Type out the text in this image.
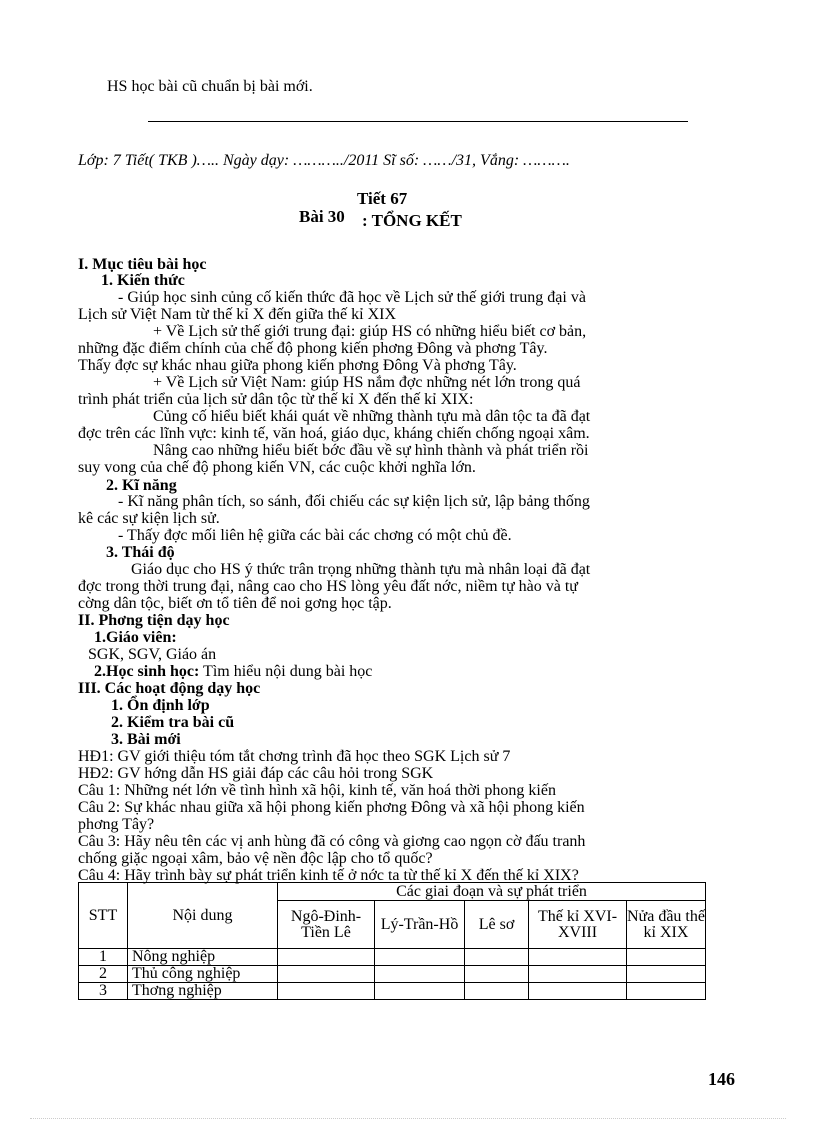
HS học bài cũ chuẩn bị bài mới.
Lớp: 7 Tiết( TKB )….. Ngày dạy: ………../2011 Sĩ số: ……/31, Vắng: ……….
Tiết 67
Bài 30 : TỔNG KẾT
I. Mục tiêu bài học
1. Kiến thức
- Giúp học sinh củng cố kiến thức đã học về Lịch sử thế giới trung đại và
Lịch sử Việt Nam từ thế kỉ X đến giữa thế kỉ XIX
+ Về Lịch sử thế giới trung đại: giúp HS có những hiểu biết cơ bản,
những đặc điểm chính của chế độ phong kiến phơng Đông và phơng Tây.
Thấy đợc sự khác nhau giữa phong kiến phơng Đông Và phơng Tây.
+ Về Lịch sử Việt Nam: giúp HS nắm đợc những nét lớn trong quá
trình phát triển của lịch sử dân tộc từ thế kỉ X đến thế kỉ XIX:
Củng cố hiểu biết khái quát về những thành tựu mà dân tộc ta đã đạt
đợc trên các lĩnh vực: kinh tế, văn hoá, giáo dục, kháng chiến chống ngoại xâm.
Nâng cao những hiểu biết bớc đầu về sự hình thành và phát triển rồi
suy vong của chế độ phong kiến VN, các cuộc khởi nghĩa lớn.
2. Kĩ năng
- Kĩ năng phân tích, so sánh, đối chiếu các sự kiện lịch sử, lập bảng thống
kê các sự kiện lịch sử.
- Thấy đợc mối liên hệ giữa các bài các chơng có một chủ đề.
3. Thái độ
Giáo dục cho HS ý thức trân trọng những thành tựu mà nhân loại đã đạt
đợc trong thời trung đại, nâng cao cho HS lòng yêu đất nớc, niềm tự hào và tự
cờng dân tộc, biết ơn tổ tiên để noi gơng học tập.
II. Phơng tiện dạy học
1.Giáo viên:
SGK, SGV, Giáo án
2.Học sinh học: Tìm hiểu nội dung bài học
III. Các hoạt động dạy học
1. Ổn định lớp
2. Kiểm tra bài cũ
3. Bài mới
HĐ1: GV giới thiệu tóm tắt chơng trình đã học theo SGK Lịch sử 7
HĐ2: GV hớng dẫn HS giải đáp các câu hỏi trong SGK
Câu 1: Những nét lớn về tình hình xã hội, kinh tế, văn hoá thời phong kiến
Câu 2: Sự khác nhau giữa xã hội phong kiến phơng Đông và xã hội phong kiến
phơng Tây?
Câu 3: Hãy nêu tên các vị anh hùng đã có công và giơng cao ngọn cờ đấu tranh
chống giặc ngoại xâm, bảo vệ nền độc lập cho tổ quốc?
Câu 4: Hãy trình bày sự phát triển kinh tế ở nớc ta từ thế kỉ X đến thế kỉ XIX?
STT	Nội dung	Các giai đoạn và sự phát triển				
		Ngô-Đinh-Tiền Lê	Lý-Trần-Hồ	Lê sơ	Thế kỉ XVI-XVIII	Nửa đầu thế kỉ XIX
1	Nông nghiệp					
2	Thủ công nghiệp					
3	Thơng nghiệp					
146
